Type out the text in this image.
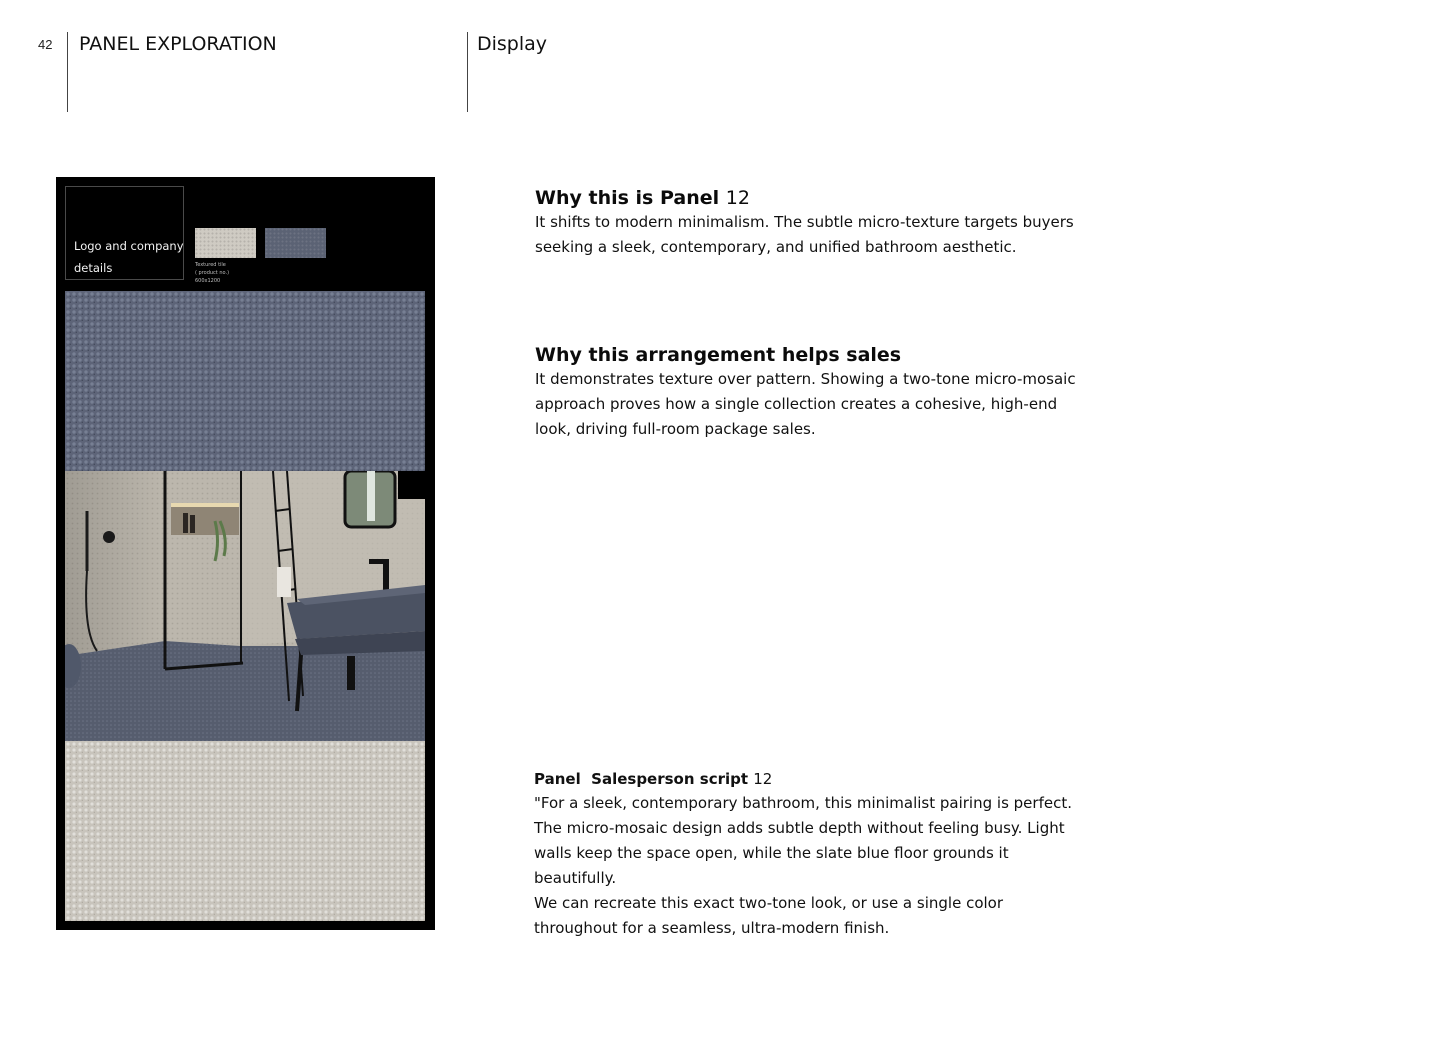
42 PANEL EXPLORATION	Display
Logo and company details	Textured tile
( product no.)
600x1200
Why this is Panel 12
It shifts to modern minimalism. The subtle micro-texture targets buyers seeking a sleek, contemporary, and unified bathroom aesthetic.
Why this arrangement helps sales
It demonstrates texture over pattern. Showing a two-tone micro-mosaic approach proves how a single collection creates a cohesive, high-end look, driving full-room package sales.
Panel  Salesperson script 12
"For a sleek, contemporary bathroom, this minimalist pairing is perfect. The micro-mosaic design adds subtle depth without feeling busy. Light walls keep the space open, while the slate blue floor grounds it beautifully.
We can recreate this exact two-tone look, or use a single color throughout for a seamless, ultra-modern finish.
